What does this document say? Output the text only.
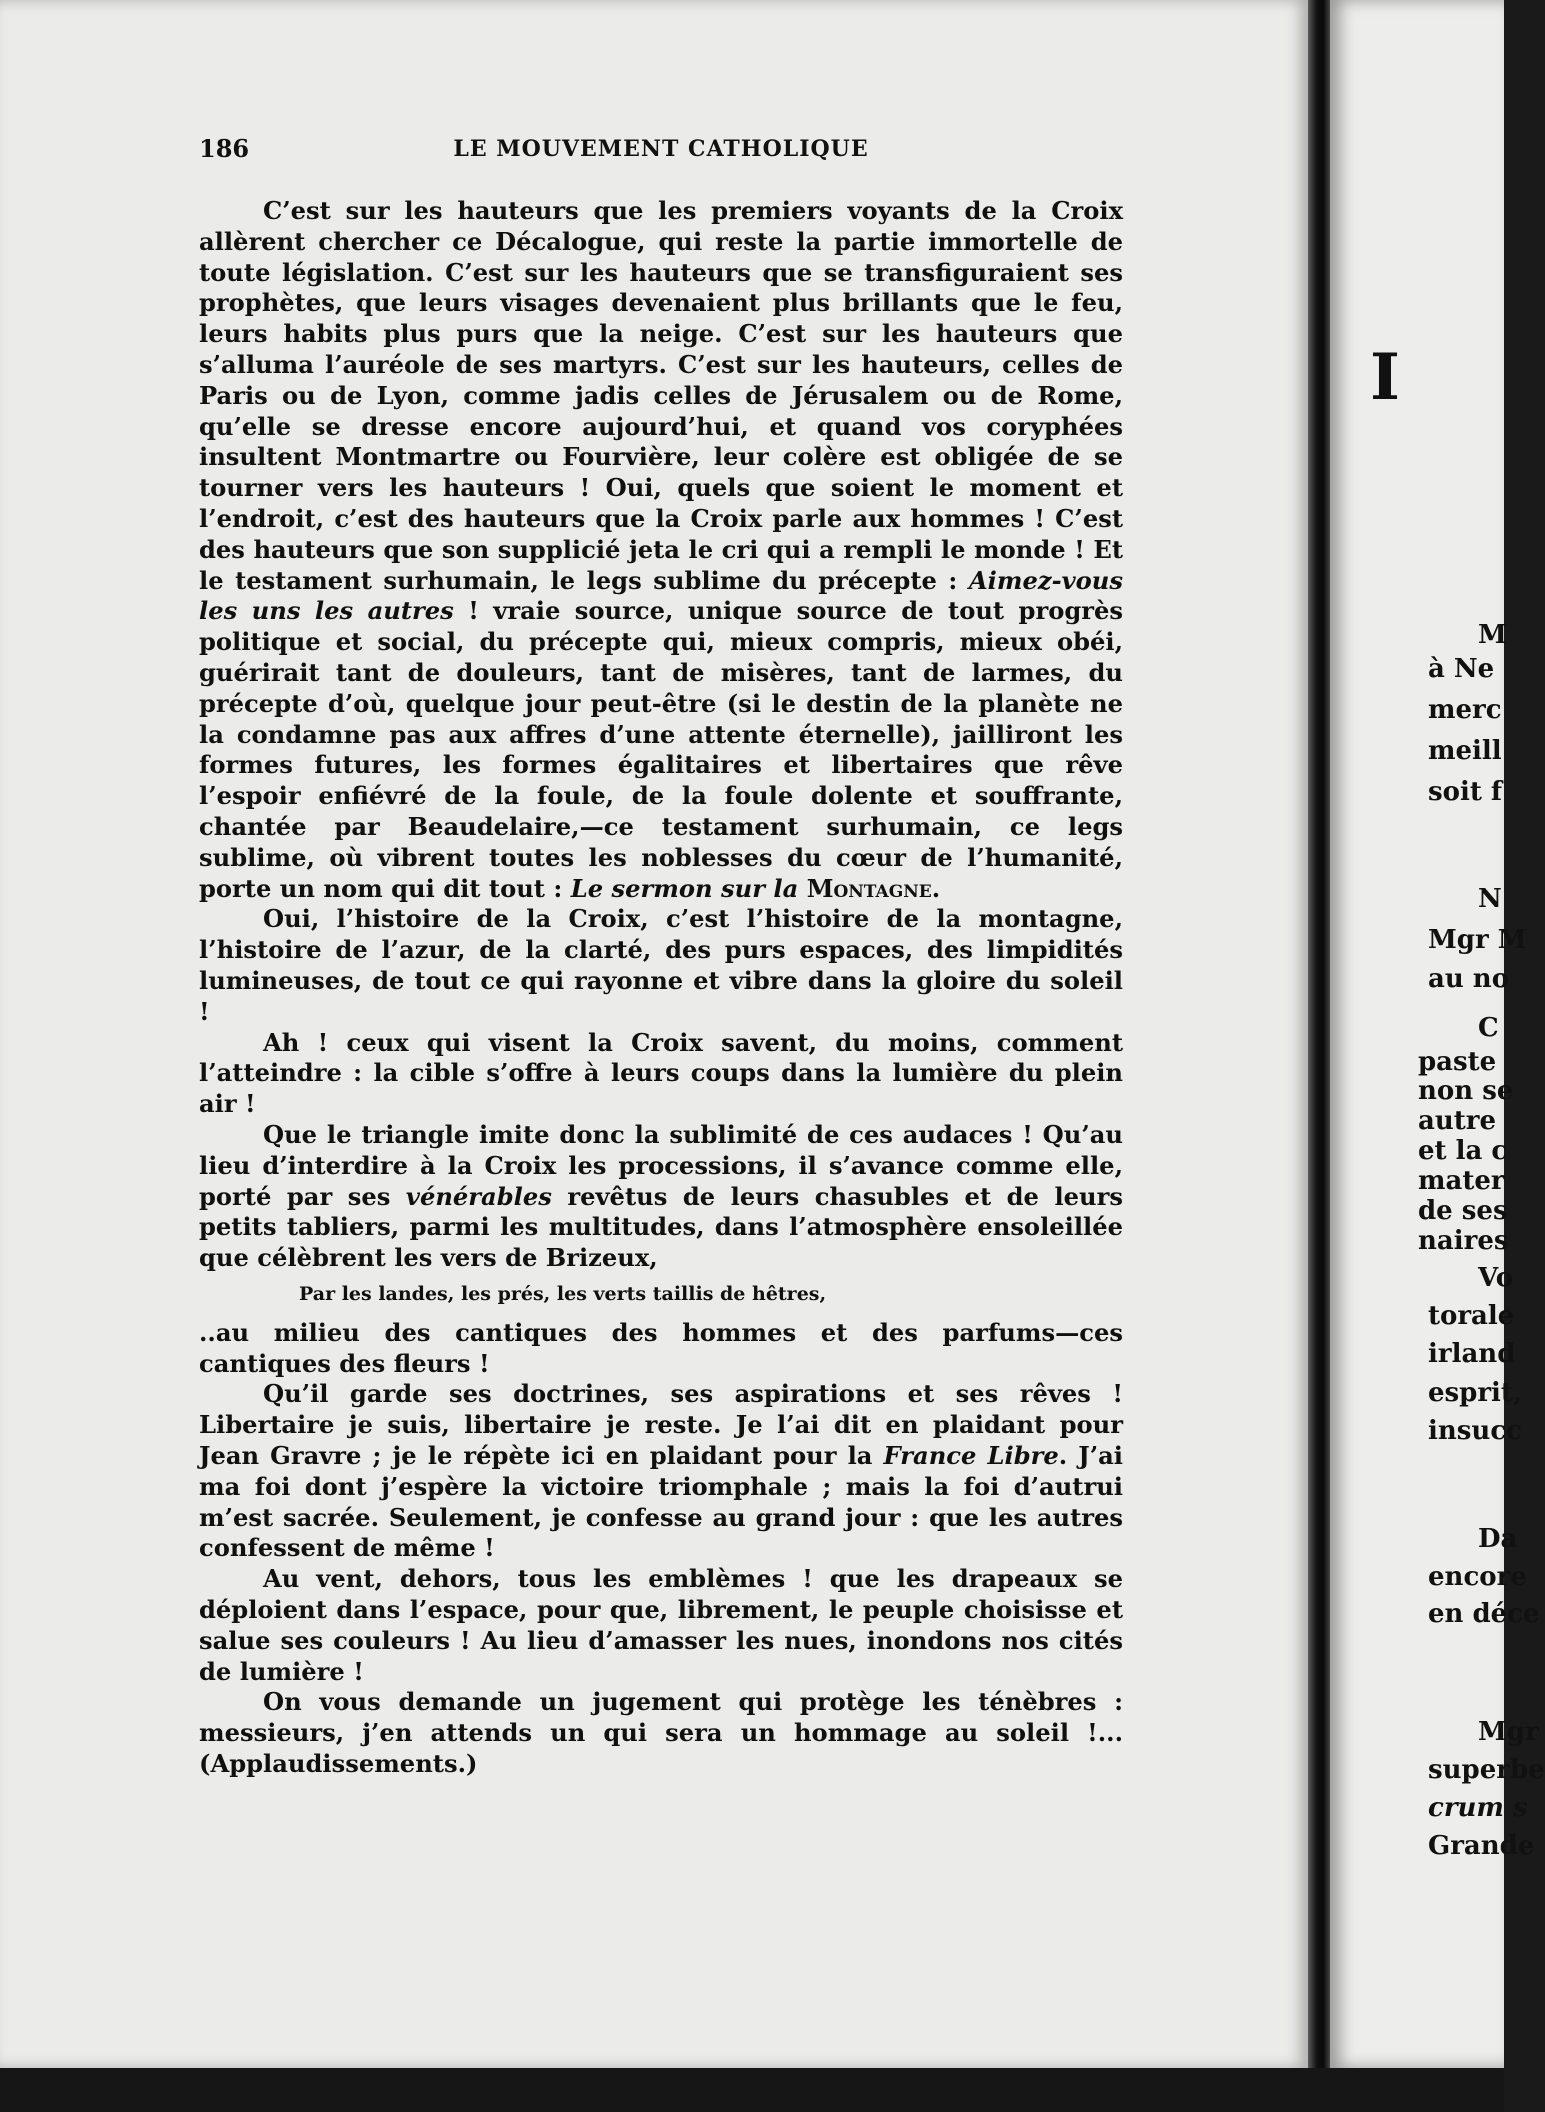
186	LE MOUVEMENT CATHOLIQUE

C’est sur les hauteurs que les premiers voyants de la Croix allèrent chercher ce Décalogue, qui reste la partie immortelle de toute législation. C’est sur les hauteurs que se transfiguraient ses prophètes, que leurs visages devenaient plus brillants que le feu, leurs habits plus purs que la neige. C’est sur les hauteurs que s’alluma l’auréole de ses martyrs. C’est sur les hauteurs, celles de Paris ou de Lyon, comme jadis celles de Jérusalem ou de Rome, qu’elle se dresse encore aujourd’hui, et quand vos coryphées insultent Montmartre ou Fourvière, leur colère est obligée de se tourner vers les hauteurs ! Oui, quels que soient le moment et l’endroit, c’est des hauteurs que la Croix parle aux hommes ! C’est des hauteurs que son supplicié jeta le cri qui a rempli le monde ! Et le testament surhumain, le legs sublime du précepte : Aimez-vous les uns les autres ! vraie source, unique source de tout progrès politique et social, du précepte qui, mieux compris, mieux obéi, guérirait tant de douleurs, tant de misères, tant de larmes, du précepte d’où, quelque jour peut-être (si le destin de la planète ne la condamne pas aux affres d’une attente éternelle), jailliront les formes futures, les formes égalitaires et libertaires que rêve l’espoir enfiévré de la foule, de la foule dolente et souffrante, chantée par Beaudelaire,—ce testament surhumain, ce legs sublime, où vibrent toutes les noblesses du cœur de l’humanité, porte un nom qui dit tout : Le sermon sur la Montagne.

Oui, l’histoire de la Croix, c’est l’histoire de la montagne, l’histoire de l’azur, de la clarté, des purs espaces, des limpidités lumineuses, de tout ce qui rayonne et vibre dans la gloire du soleil !

Ah ! ceux qui visent la Croix savent, du moins, comment l’atteindre : la cible s’offre à leurs coups dans la lumière du plein air !

Que le triangle imite donc la sublimité de ces audaces ! Qu’au lieu d’interdire à la Croix les processions, il s’avance comme elle, porté par ses vénérables revêtus de leurs chasubles et de leurs petits tabliers, parmi les multitudes, dans l’atmosphère ensoleillée que célèbrent les vers de Brizeux,

Par les landes, les prés, les verts taillis de hêtres,

..au milieu des cantiques des hommes et des parfums—ces cantiques des fleurs !

Qu’il garde ses doctrines, ses aspirations et ses rêves ! Libertaire je suis, libertaire je reste. Je l’ai dit en plaidant pour Jean Gravre ; je le répète ici en plaidant pour la France Libre. J’ai ma foi dont j’espère la victoire triomphale ; mais la foi d’autrui m’est sacrée. Seulement, je confesse au grand jour : que les autres confessent de même !

Au vent, dehors, tous les emblèmes ! que les drapeaux se déploient dans l’espace, pour que, librement, le peuple choisisse et salue ses couleurs ! Au lieu d’amasser les nues, inondons nos cités de lumière !

On vous demande un jugement qui protège les ténèbres : messieurs, j’en attends un qui sera un hommage au soleil !... (Applaudissements.)

I
M
à Ne
merc
meill
soit f
N
Mgr M
au no
C
paste
non se
autre
et la c
mater
de ses
naires
Vo
torale
irland
esprit,
insucc
Da
encore
en déce
Mgr
superbe
crum s
Grande
